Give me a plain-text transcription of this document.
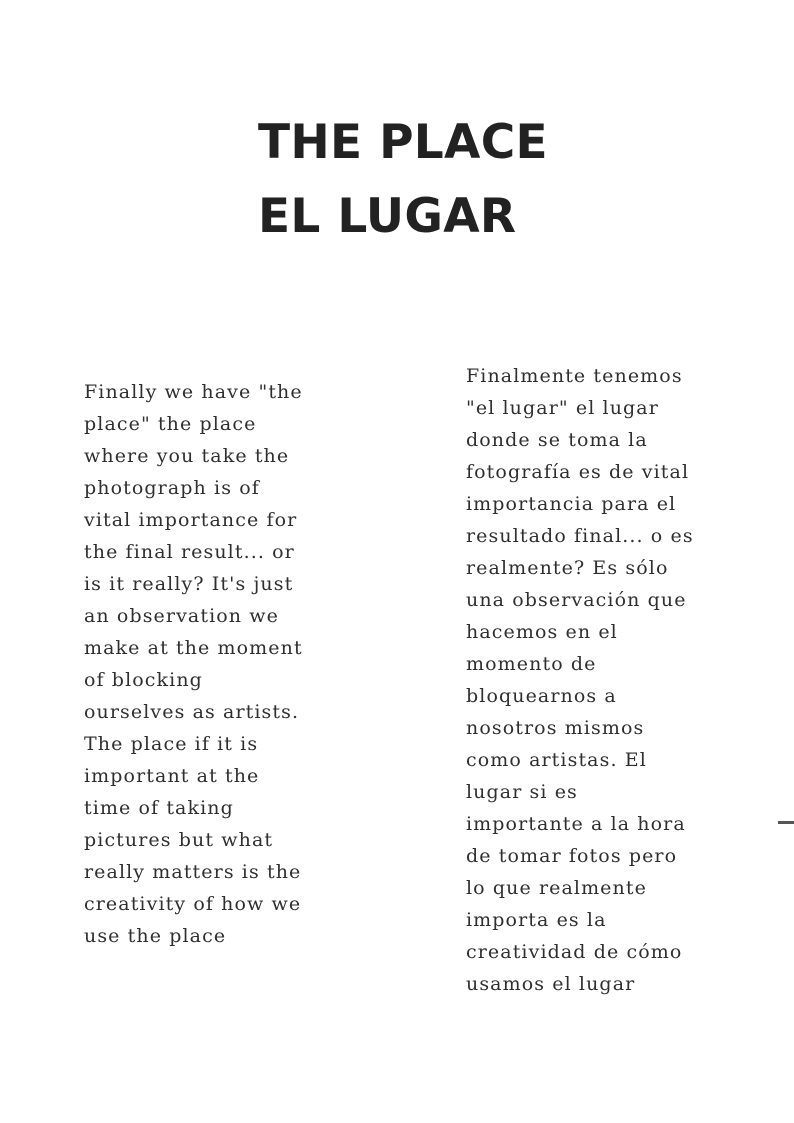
THE PLACE
EL LUGAR

Finally we have "the place" the place where you take the photograph is of vital importance for the final result... or is it really? It's just an observation we make at the moment of blocking ourselves as artists. The place if it is important at the time of taking pictures but what really matters is the creativity of how we use the place

Finalmente tenemos "el lugar" el lugar donde se toma la fotografía es de vital importancia para el resultado final... o es realmente? Es sólo una observación que hacemos en el momento de bloquearnos a nosotros mismos como artistas. El lugar si es importante a la hora de tomar fotos pero lo que realmente importa es la creatividad de cómo usamos el lugar
